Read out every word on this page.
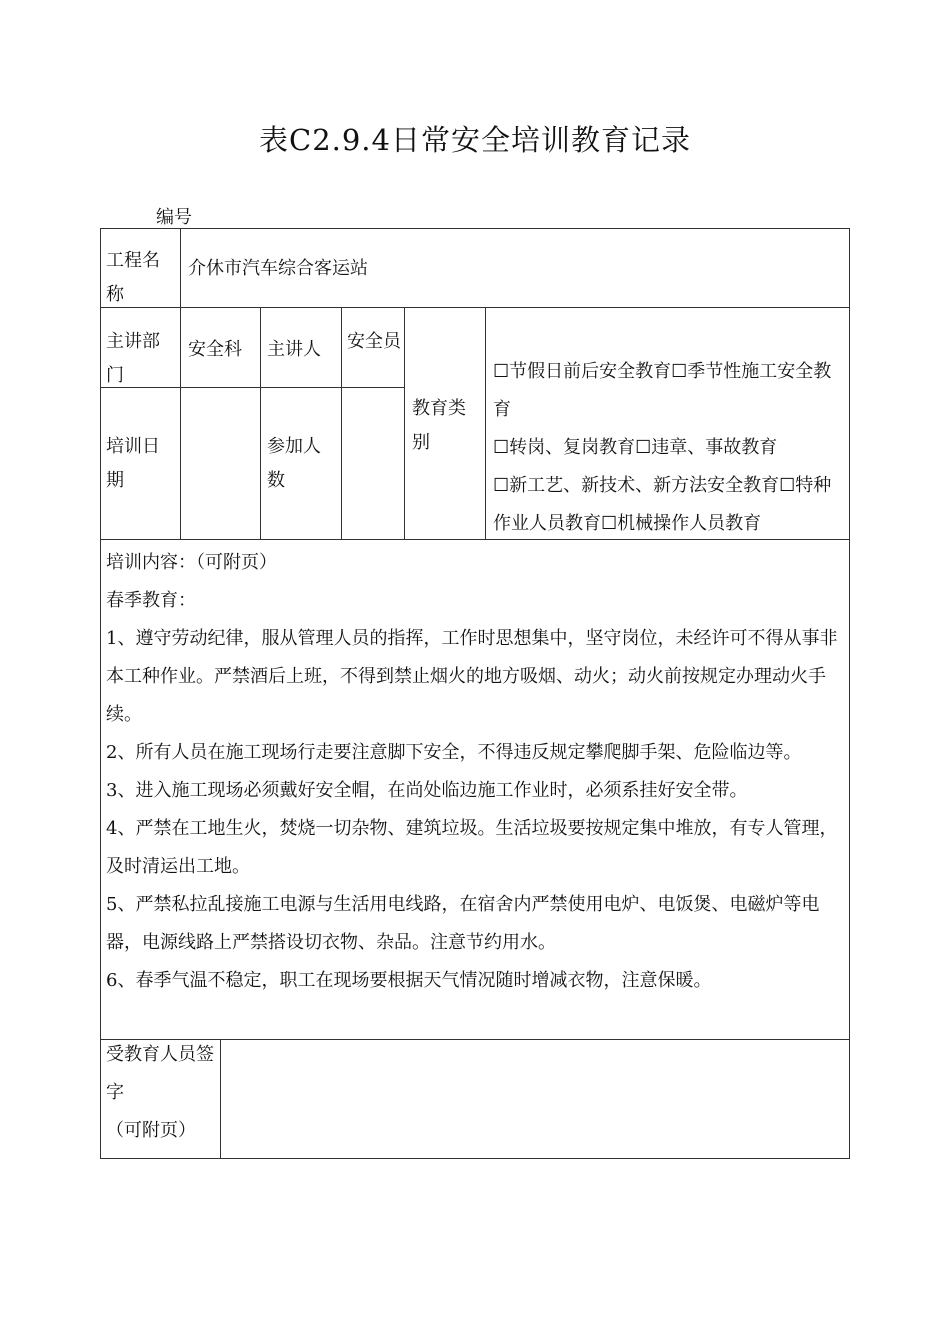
表C2.9.4日常安全培训教育记录
编号
工程名称
介休市汽车综合客运站
主讲部门
安全科	主讲人	安全员
培训日期
参加人数
教育类别
☐节假日前后安全教育☐季节性施工安全教育
☐转岗、复岗教育☐违章、事故教育
☐新工艺、新技术、新方法安全教育☐特种作业人员教育☐机械操作人员教育
培训内容：（可附页）
春季教育：
1、遵守劳动纪律，服从管理人员的指挥，工作时思想集中，坚守岗位，未经许可不得从事非本工种作业。严禁酒后上班，不得到禁止烟火的地方吸烟、动火；动火前按规定办理动火手续。
2、所有人员在施工现场行走要注意脚下安全，不得违反规定攀爬脚手架、危险临边等。
3、进入施工现场必须戴好安全帽，在尚处临边施工作业时，必须系挂好安全带。
4、严禁在工地生火，焚烧一切杂物、建筑垃圾。生活垃圾要按规定集中堆放，有专人管理，及时清运出工地。
5、严禁私拉乱接施工电源与生活用电线路，在宿舍内严禁使用电炉、电饭煲、电磁炉等电器，电源线路上严禁搭设切衣物、杂品。注意节约用水。
6、春季气温不稳定，职工在现场要根据天气情况随时增减衣物，注意保暖。
受教育人员签字
（可附页）
